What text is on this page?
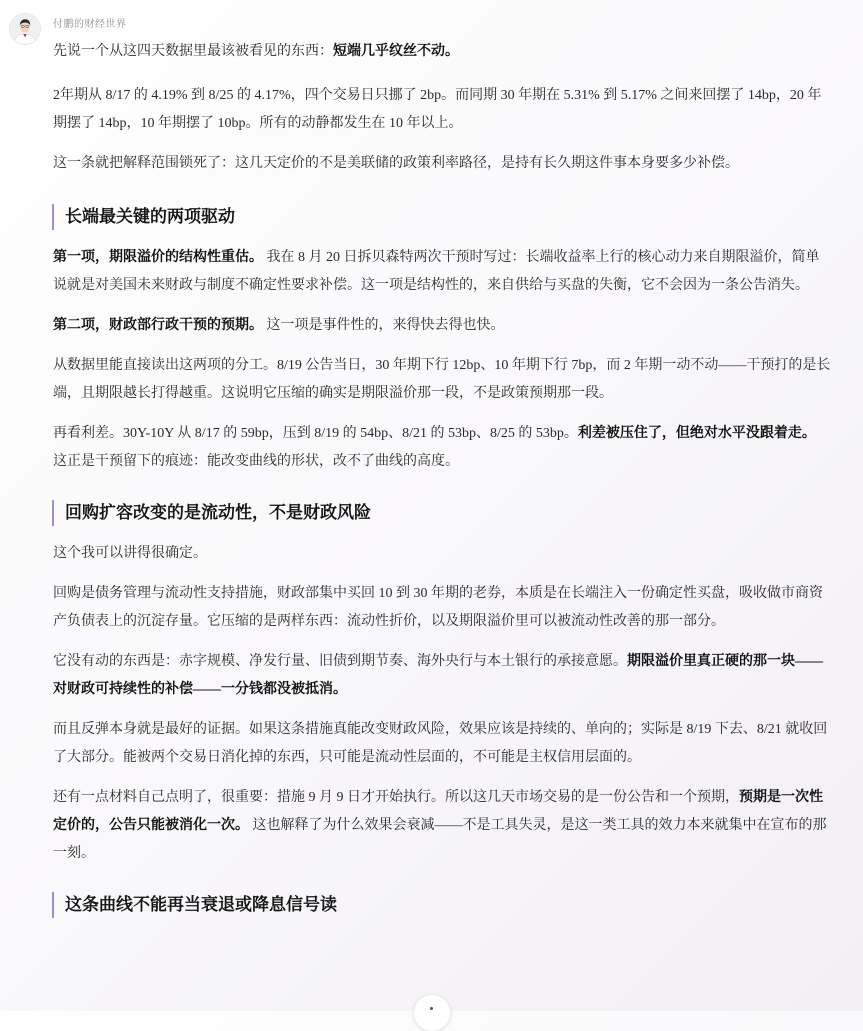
付鹏的财经世界

先说一个从这四天数据里最该被看见的东西：短端几乎纹丝不动。

2年期从 8/17 的 4.19% 到 8/25 的 4.17%，四个交易日只挪了 2bp。而同期 30 年期在 5.31% 到 5.17% 之间来回摆了 14bp，20 年期摆了 14bp，10 年期摆了 10bp。所有的动静都发生在 10 年以上。

这一条就把解释范围锁死了：这几天定价的不是美联储的政策利率路径，是持有长久期这件事本身要多少补偿。

长端最关键的两项驱动

第一项，期限溢价的结构性重估。 我在 8 月 20 日拆贝森特两次干预时写过：长端收益率上行的核心动力来自期限溢价，简单说就是对美国未来财政与制度不确定性要求补偿。这一项是结构性的，来自供给与买盘的失衡，它不会因为一条公告消失。

第二项，财政部行政干预的预期。 这一项是事件性的，来得快去得也快。

从数据里能直接读出这两项的分工。8/19 公告当日，30 年期下行 12bp、10 年期下行 7bp，而 2 年期一动不动——干预打的是长端，且期限越长打得越重。这说明它压缩的确实是期限溢价那一段，不是政策预期那一段。

再看利差。30Y-10Y 从 8/17 的 59bp，压到 8/19 的 54bp、8/21 的 53bp、8/25 的 53bp。利差被压住了，但绝对水平没跟着走。 这正是干预留下的痕迹：能改变曲线的形状，改不了曲线的高度。

回购扩容改变的是流动性，不是财政风险

这个我可以讲得很确定。

回购是债务管理与流动性支持措施，财政部集中买回 10 到 30 年期的老券，本质是在长端注入一份确定性买盘，吸收做市商资产负债表上的沉淀存量。它压缩的是两样东西：流动性折价，以及期限溢价里可以被流动性改善的那一部分。

它没有动的东西是：赤字规模、净发行量、旧债到期节奏、海外央行与本土银行的承接意愿。期限溢价里真正硬的那一块——对财政可持续性的补偿——一分钱都没被抵消。

而且反弹本身就是最好的证据。如果这条措施真能改变财政风险，效果应该是持续的、单向的；实际是 8/19 下去、8/21 就收回了大部分。能被两个交易日消化掉的东西，只可能是流动性层面的，不可能是主权信用层面的。

还有一点材料自己点明了，很重要：措施 9 月 9 日才开始执行。所以这几天市场交易的是一份公告和一个预期，预期是一次性定价的，公告只能被消化一次。 这也解释了为什么效果会衰减——不是工具失灵，是这一类工具的效力本来就集中在宣布的那一刻。

这条曲线不能再当衰退或降息信号读
